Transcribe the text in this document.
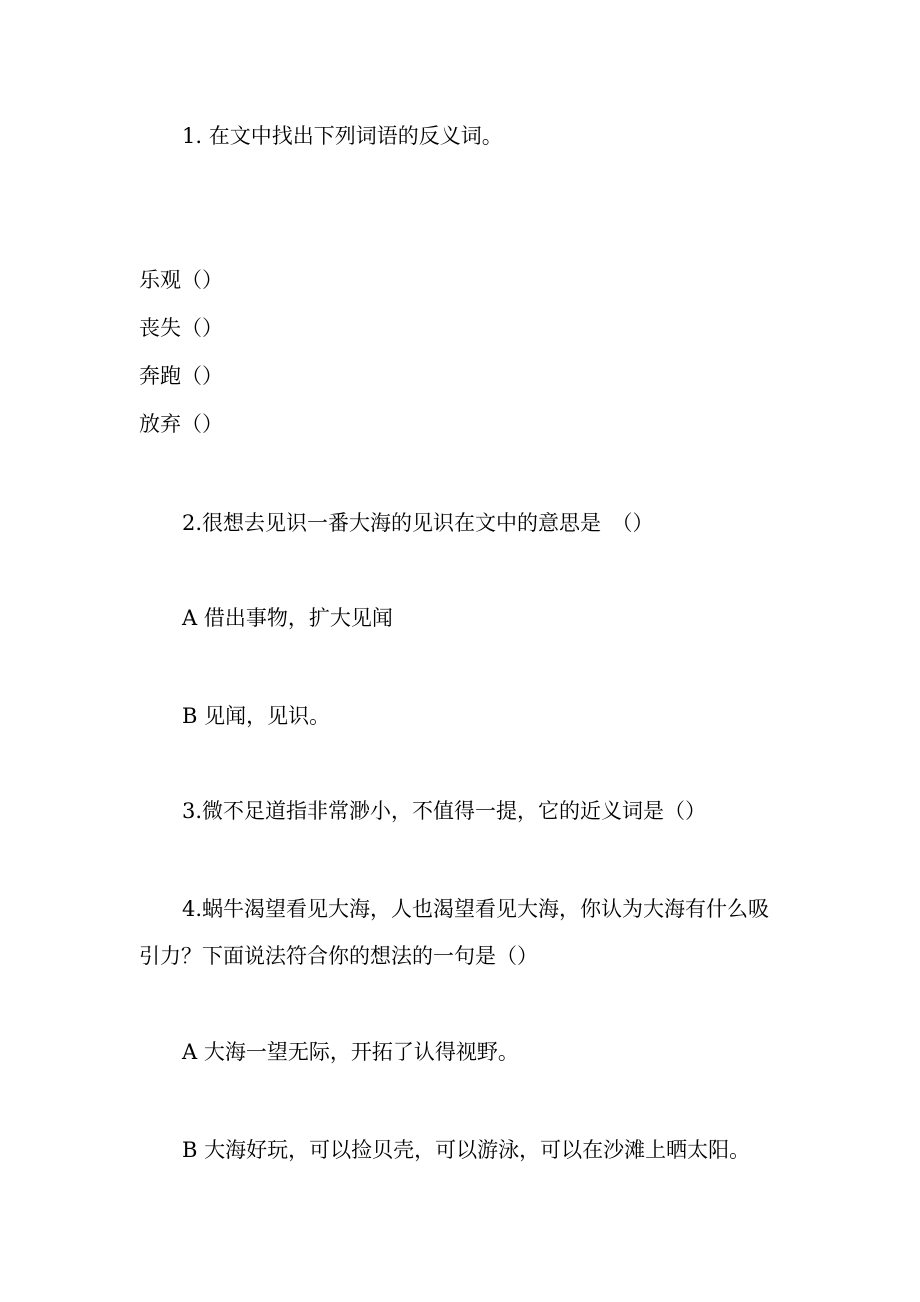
1. 在文中找出下列词语的反义词。

乐观（）

丧失（）

奔跑（）

放弃（）

2.很想去见识一番大海的见识在文中的意思是　（）

A 借出事物，扩大见闻

B 见闻，见识。

3.微不足道指非常渺小，不值得一提，它的近义词是（）

4.蜗牛渴望看见大海，人也渴望看见大海，你认为大海有什么吸

引力？下面说法符合你的想法的一句是（）

A 大海一望无际，开拓了认得视野。

B 大海好玩，可以捡贝壳，可以游泳，可以在沙滩上晒太阳。
